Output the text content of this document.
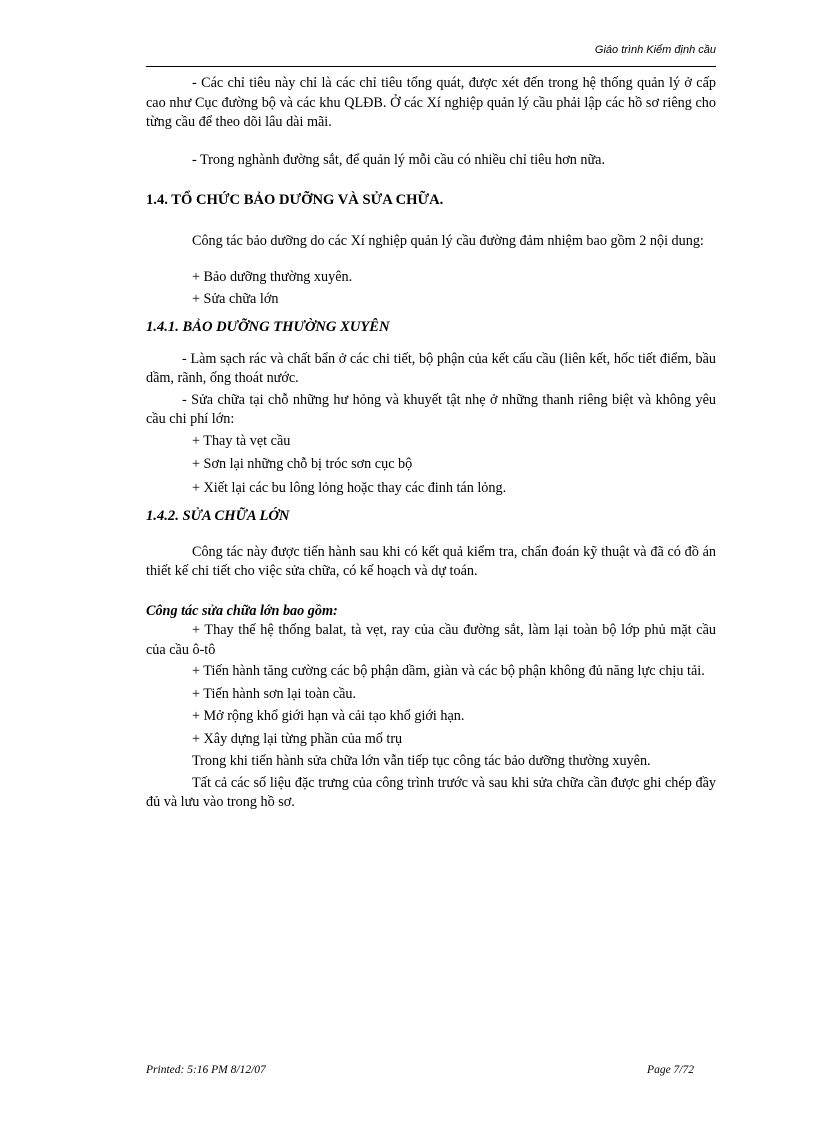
Giáo trình Kiểm định cầu

- Các chỉ tiêu này chỉ là các chỉ tiêu tổng quát, được xét đến trong hệ thống quản lý ở cấp cao như Cục đường bộ và các khu QLĐB. Ở các Xí nghiệp quản lý cầu phải lập các hồ sơ riêng cho từng cầu để theo dõi lâu dài mãi.

- Trong nghành đường sắt, để quản lý mỗi cầu có nhiều chỉ tiêu hơn nữa.

1.4. TỔ CHỨC BẢO DƯỠNG VÀ SỬA CHỮA.

Công tác bảo dưỡng do các Xí nghiệp quản lý cầu đường đảm nhiệm bao gồm 2 nội dung:

+ Bảo dưỡng thường xuyên.

+ Sửa chữa lớn

1.4.1. BẢO DƯỠNG THƯỜNG XUYÊN

- Làm sạch rác và chất bẩn ở các chi tiết, bộ phận của kết cấu cầu (liên kết, hốc tiết điểm, bầu dầm, rãnh, ống thoát nước.

- Sửa chữa tại chỗ những hư hỏng và khuyết tật nhẹ ở những thanh riêng biệt và không yêu cầu chi phí lớn:

+ Thay tà vẹt cầu

+ Sơn lại những chỗ bị tróc sơn cục bộ

+ Xiết lại các bu lông lỏng hoặc thay các đinh tán lỏng.

1.4.2. SỬA CHỮA LỚN

Công tác này được tiến hành sau khi có kết quả kiểm tra, chẩn đoán kỹ thuật và đã có đồ án thiết kế chi tiết cho việc sửa chữa, có kế hoạch và dự toán.

Công tác sửa chữa lớn bao gồm:

+ Thay thế hệ thống balat, tà vẹt, ray của cầu đường sắt, làm lại toàn bộ lớp phủ mặt cầu của cầu ô-tô

+ Tiến hành tăng cường các bộ phận dầm, giàn và các bộ phận không đủ năng lực chịu tải.

+ Tiến hành sơn lại toàn cầu.

+ Mở rộng khổ giới hạn và cải tạo khổ giới hạn.

+ Xây dựng lại từng phần của mố trụ

Trong khi tiến hành sửa chữa lớn vẫn tiếp tục công tác bảo dưỡng thường xuyên.

Tất cả các số liệu đặc trưng của công trình trước và sau khi sửa chữa cần được ghi chép đầy đủ và lưu vào trong hồ sơ.

Printed: 5:16 PM 8/12/07	Page 7/72
